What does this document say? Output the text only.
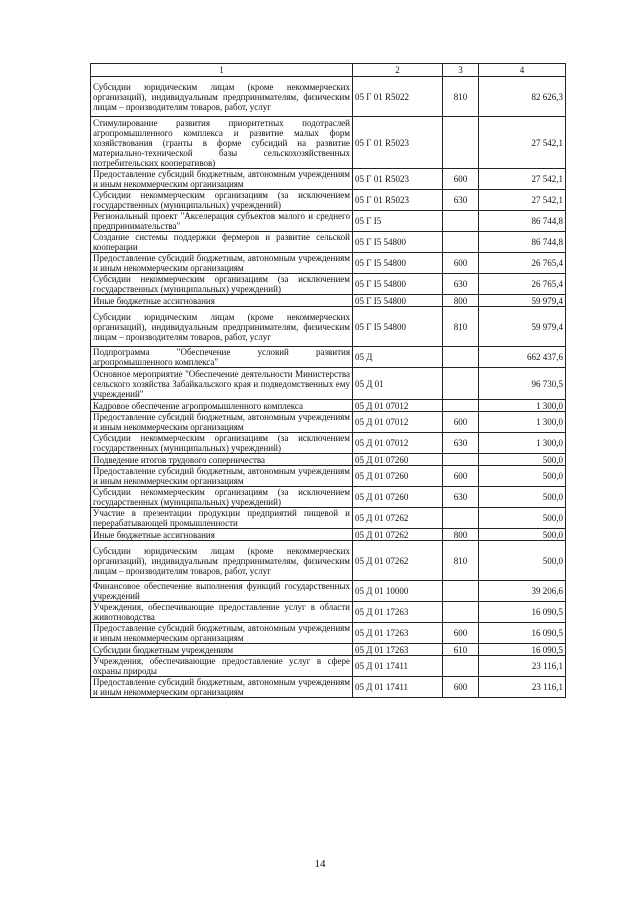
1	2	3	4
Субсидии юридическим лицам (кроме некоммерческих организаций), индивидуальным предпринимателям, физическим лицам – производителям товаров, работ, услуг	05 Г 01 R5022	810	82 626,3
Стимулирование развития приоритетных подотраслей агропромышленного комплекса и развитие малых форм хозяйствования (гранты в форме субсидий на развитие материально-технической базы сельскохозяйственных потребительских кооперативов)	05 Г 01 R5023		27 542,1
Предоставление субсидий бюджетным, автономным учреждениям и иным некоммерческим организациям	05 Г 01 R5023	600	27 542,1
Субсидии некоммерческим организациям (за исключением государственных (муниципальных) учреждений)	05 Г 01 R5023	630	27 542,1
Региональный проект "Акселерация субъектов малого и среднего предпринимательства"	05 Г I5		86 744,8
Создание системы поддержки фермеров и развитие сельской кооперации	05 Г I5 54800		86 744,8
Предоставление субсидий бюджетным, автономным учреждениям и иным некоммерческим организациям	05 Г I5 54800	600	26 765,4
Субсидии некоммерческим организациям (за исключением государственных (муниципальных) учреждений)	05 Г I5 54800	630	26 765,4
Иные бюджетные ассигнования	05 Г I5 54800	800	59 979,4
Субсидии юридическим лицам (кроме некоммерческих организаций), индивидуальным предпринимателям, физическим лицам – производителям товаров, работ, услуг	05 Г I5 54800	810	59 979,4
Подпрограмма "Обеспечение условий развития агропромышленного комплекса"	05 Д		662 437,6
Основное мероприятие "Обеспечение деятельности Министерства сельского хозяйства Забайкальского края и подведомственных ему учреждений"	05 Д 01		96 730,5
Кадровое обеспечение агропромышленного комплекса	05 Д 01 07012		1 300,0
Предоставление субсидий бюджетным, автономным учреждениям и иным некоммерческим организациям	05 Д 01 07012	600	1 300,0
Субсидии некоммерческим организациям (за исключением государственных (муниципальных) учреждений)	05 Д 01 07012	630	1 300,0
Подведение итогов трудового соперничества	05 Д 01 07260		500,0
Предоставление субсидий бюджетным, автономным учреждениям и иным некоммерческим организациям	05 Д 01 07260	600	500,0
Субсидии некоммерческим организациям (за исключением государственных (муниципальных) учреждений)	05 Д 01 07260	630	500,0
Участие в презентации продукции предприятий пищевой и перерабатывающей промышленности	05 Д 01 07262		500,0
Иные бюджетные ассигнования	05 Д 01 07262	800	500,0
Субсидии юридическим лицам (кроме некоммерческих организаций), индивидуальным предпринимателям, физическим лицам – производителям товаров, работ, услуг	05 Д 01 07262	810	500,0
Финансовое обеспечение выполнения функций государственных учреждений	05 Д 01 10000		39 206,6
Учреждения, обеспечивающие предоставление услуг в области животноводства	05 Д 01 17263		16 090,5
Предоставление субсидий бюджетным, автономным учреждениям и иным некоммерческим организациям	05 Д 01 17263	600	16 090,5
Субсидии бюджетным учреждениям	05 Д 01 17263	610	16 090,5
Учреждения, обеспечивающие предоставление услуг в сфере охраны природы	05 Д 01 17411		23 116,1
Предоставление субсидий бюджетным, автономным учреждениям и иным некоммерческим организациям	05 Д 01 17411	600	23 116,1
14
